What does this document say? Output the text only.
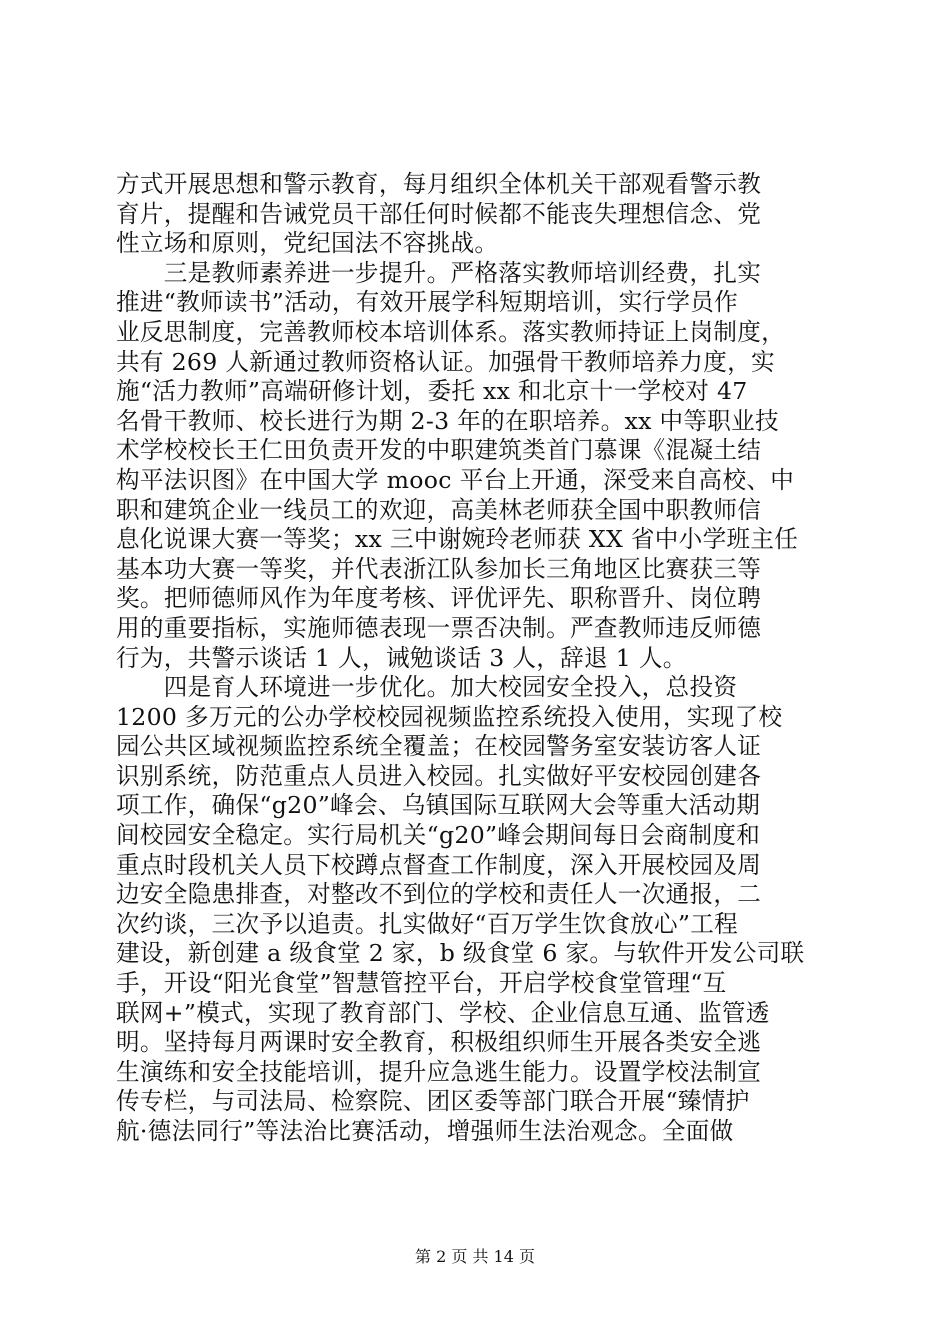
方式开展思想和警示教育，每月组织全体机关干部观看警示教
育片，提醒和告诫党员干部任何时候都不能丧失理想信念、党
性立场和原则，党纪国法不容挑战。
　　三是教师素养进一步提升。严格落实教师培训经费，扎实
推进“教师读书”活动，有效开展学科短期培训，实行学员作
业反思制度，完善教师校本培训体系。落实教师持证上岗制度，
共有 269 人新通过教师资格认证。加强骨干教师培养力度，实
施“活力教师”高端研修计划，委托 xx 和北京十一学校对 47
名骨干教师、校长进行为期 2-3 年的在职培养。xx 中等职业技
术学校校长王仁田负责开发的中职建筑类首门慕课《混凝土结
构平法识图》在中国大学 mooc 平台上开通，深受来自高校、中
职和建筑企业一线员工的欢迎，高美林老师获全国中职教师信
息化说课大赛一等奖；xx 三中谢婉玲老师获 XX 省中小学班主任
基本功大赛一等奖，并代表浙江队参加长三角地区比赛获三等
奖。把师德师风作为年度考核、评优评先、职称晋升、岗位聘
用的重要指标，实施师德表现一票否决制。严查教师违反师德
行为，共警示谈话 1 人，诫勉谈话 3 人，辞退 1 人。
　　四是育人环境进一步优化。加大校园安全投入，总投资
1200 多万元的公办学校校园视频监控系统投入使用，实现了校
园公共区域视频监控系统全覆盖；在校园警务室安装访客人证
识别系统，防范重点人员进入校园。扎实做好平安校园创建各
项工作，确保“g20”峰会、乌镇国际互联网大会等重大活动期
间校园安全稳定。实行局机关“g20”峰会期间每日会商制度和
重点时段机关人员下校蹲点督查工作制度，深入开展校园及周
边安全隐患排查，对整改不到位的学校和责任人一次通报，二
次约谈，三次予以追责。扎实做好“百万学生饮食放心”工程
建设，新创建 a 级食堂 2 家，b 级食堂 6 家。与软件开发公司联
手，开设“阳光食堂”智慧管控平台，开启学校食堂管理“互
联网+”模式，实现了教育部门、学校、企业信息互通、监管透
明。坚持每月两课时安全教育，积极组织师生开展各类安全逃
生演练和安全技能培训，提升应急逃生能力。设置学校法制宣
传专栏，与司法局、检察院、团区委等部门联合开展“臻情护
航·德法同行”等法治比赛活动，增强师生法治观念。全面做
第 2 页 共 14 页
